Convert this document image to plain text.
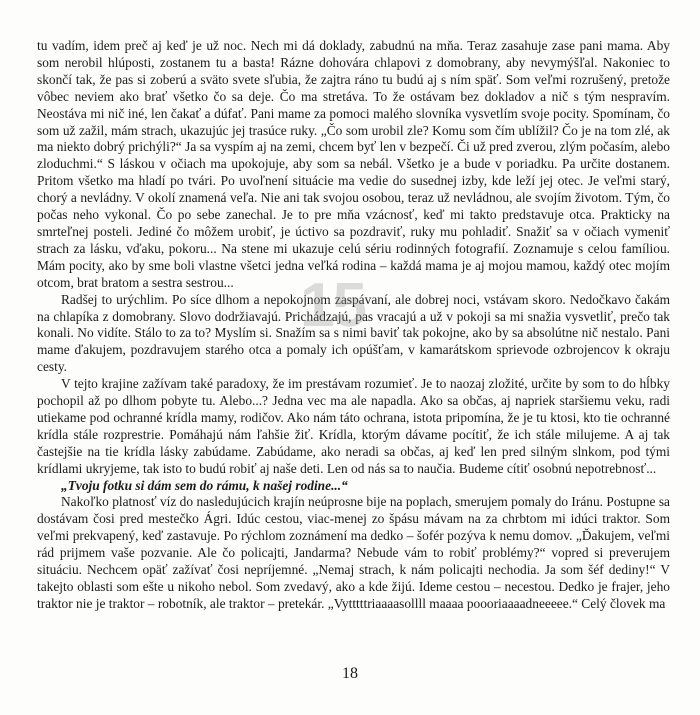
tu vadím, idem preč aj keď je už noc. Nech mi dá doklady, zabudnú na mňa. Teraz zasahuje zase pani mama. Aby som nerobil hlúposti, zostanem tu a basta! Rázne dohovára chlapovi z domobrany, aby nevymýšľal. Nakoniec to skončí tak, že pas si zoberú a sväto svete sľubia, že zajtra ráno tu budú aj s ním späť. Som veľmi rozrušený, pretože vôbec neviem ako brať všetko čo sa deje. Čo ma stretáva. To že ostávam bez dokladov a nič s tým nespravím. Neostáva mi nič iné, len čakať a dúfať. Pani mame za pomoci malého slovníka vysvetlím svoje pocity. Spomínam, čo som už zažil, mám strach, ukazujúc jej trasúce ruky. „Čo som urobil zle? Komu som čím ublížil? Čo je na tom zlé, ak ma niekto dobrý prichýli?“ Ja sa vyspím aj na zemi, chcem byť len v bezpečí. Či už pred zverou, zlým počasím, alebo zloduchmi.“ S láskou v očiach ma upokojuje, aby som sa nebál. Všetko je a bude v poriadku. Pa určite dostanem. Pritom všetko ma hladí po tvári. Po uvoľnení situácie ma vedie do susednej izby, kde leží jej otec. Je veľmi starý, chorý a nevládny. V okolí znamená veľa. Nie ani tak svojou osobou, teraz už nevládnou, ale svojím životom. Tým, čo počas neho vykonal. Čo po sebe zanechal. Je to pre mňa vzácnosť, keď mi takto predstavuje otca. Prakticky na smrteľnej posteli. Jediné čo môžem urobiť, je úctivo sa pozdraviť, ruky mu pohladiť. Snažiť sa v očiach vymeniť strach za lásku, vďaku, pokoru... Na stene mi ukazuje celú sériu rodinných fotografií. Zoznamuje s celou famíliou. Mám pocity, ako by sme boli vlastne všetci jedna veľká rodina – každá mama je aj mojou mamou, každý otec mojím otcom, brat bratom a sestra sestrou...

Radšej to urýchlim. Po síce dlhom a nepokojnom zaspávaní, ale dobrej noci, vstávam skoro. Nedočkavo čakám na chlapíka z domobrany. Slovo dodržiavajú. Prichádzajú, pas vracajú a už v pokoji sa mi snažia vysvetliť, prečo tak konali. No vidíte. Stálo to za to? Myslím si. Snažím sa s nimi baviť tak pokojne, ako by sa absolútne nič nestalo. Pani mame ďakujem, pozdravujem starého otca a pomaly ich opúšťam, v kamarátskom sprievode ozbrojencov k okraju cesty.

V tejto krajine zažívam také paradoxy, že im prestávam rozumieť. Je to naozaj zložité, určite by som to do hĺbky pochopil až po dlhom pobyte tu. Alebo...? Jedna vec ma ale napadla. Ako sa občas, aj napriek staršiemu veku, radi utiekame pod ochranné krídla mamy, rodičov. Ako nám táto ochrana, istota pripomína, že je tu ktosi, kto tie ochranné krídla stále rozprestrie. Pomáhajú nám ľahšie žiť. Krídla, ktorým dávame pocítiť, že ich stále milujeme. A aj tak častejšie na tie krídla lásky zabúdame. Zabúdame, ako neradi sa občas, aj keď len pred silným slnkom, pod tými krídlami ukryjeme, tak isto to budú robiť aj naše deti. Len od nás sa to naučia. Budeme cítiť osobnú nepotrebnosť...

„Tvoju fotku si dám sem do rámu, k našej rodine...“

Nakoľko platnosť víz do nasledujúcich krajín neúprosne bije na poplach, smerujem pomaly do Iránu. Postupne sa dostávam čosi pred mestečko Ágri. Idúc cestou, viac-menej zo špásu mávam na za chrbtom mi idúci traktor. Som veľmi prekvapený, keď zastavuje. Po rýchlom zoznámení ma dedko – šofér pozýva k nemu domov. „Ďakujem, veľmi rád prijmem vaše pozvanie. Ale čo policajti, Jandarma? Nebude vám to robiť problémy?“ vopred si preverujem situáciu. Nechcem opäť zažívať čosi nepríjemné. „Nemaj strach, k nám policajti nechodia. Ja som šéf dediny!“ V takejto oblasti som ešte u nikoho nebol. Som zvedavý, ako a kde žijú. Ideme cestou – necestou. Dedko je frajer, jeho traktor nie je traktor – robotník, ale traktor – pretekár. „Vytttttriaaaasollll maaaa poooriaaaadneeeee.“ Celý človek ma

15
18
